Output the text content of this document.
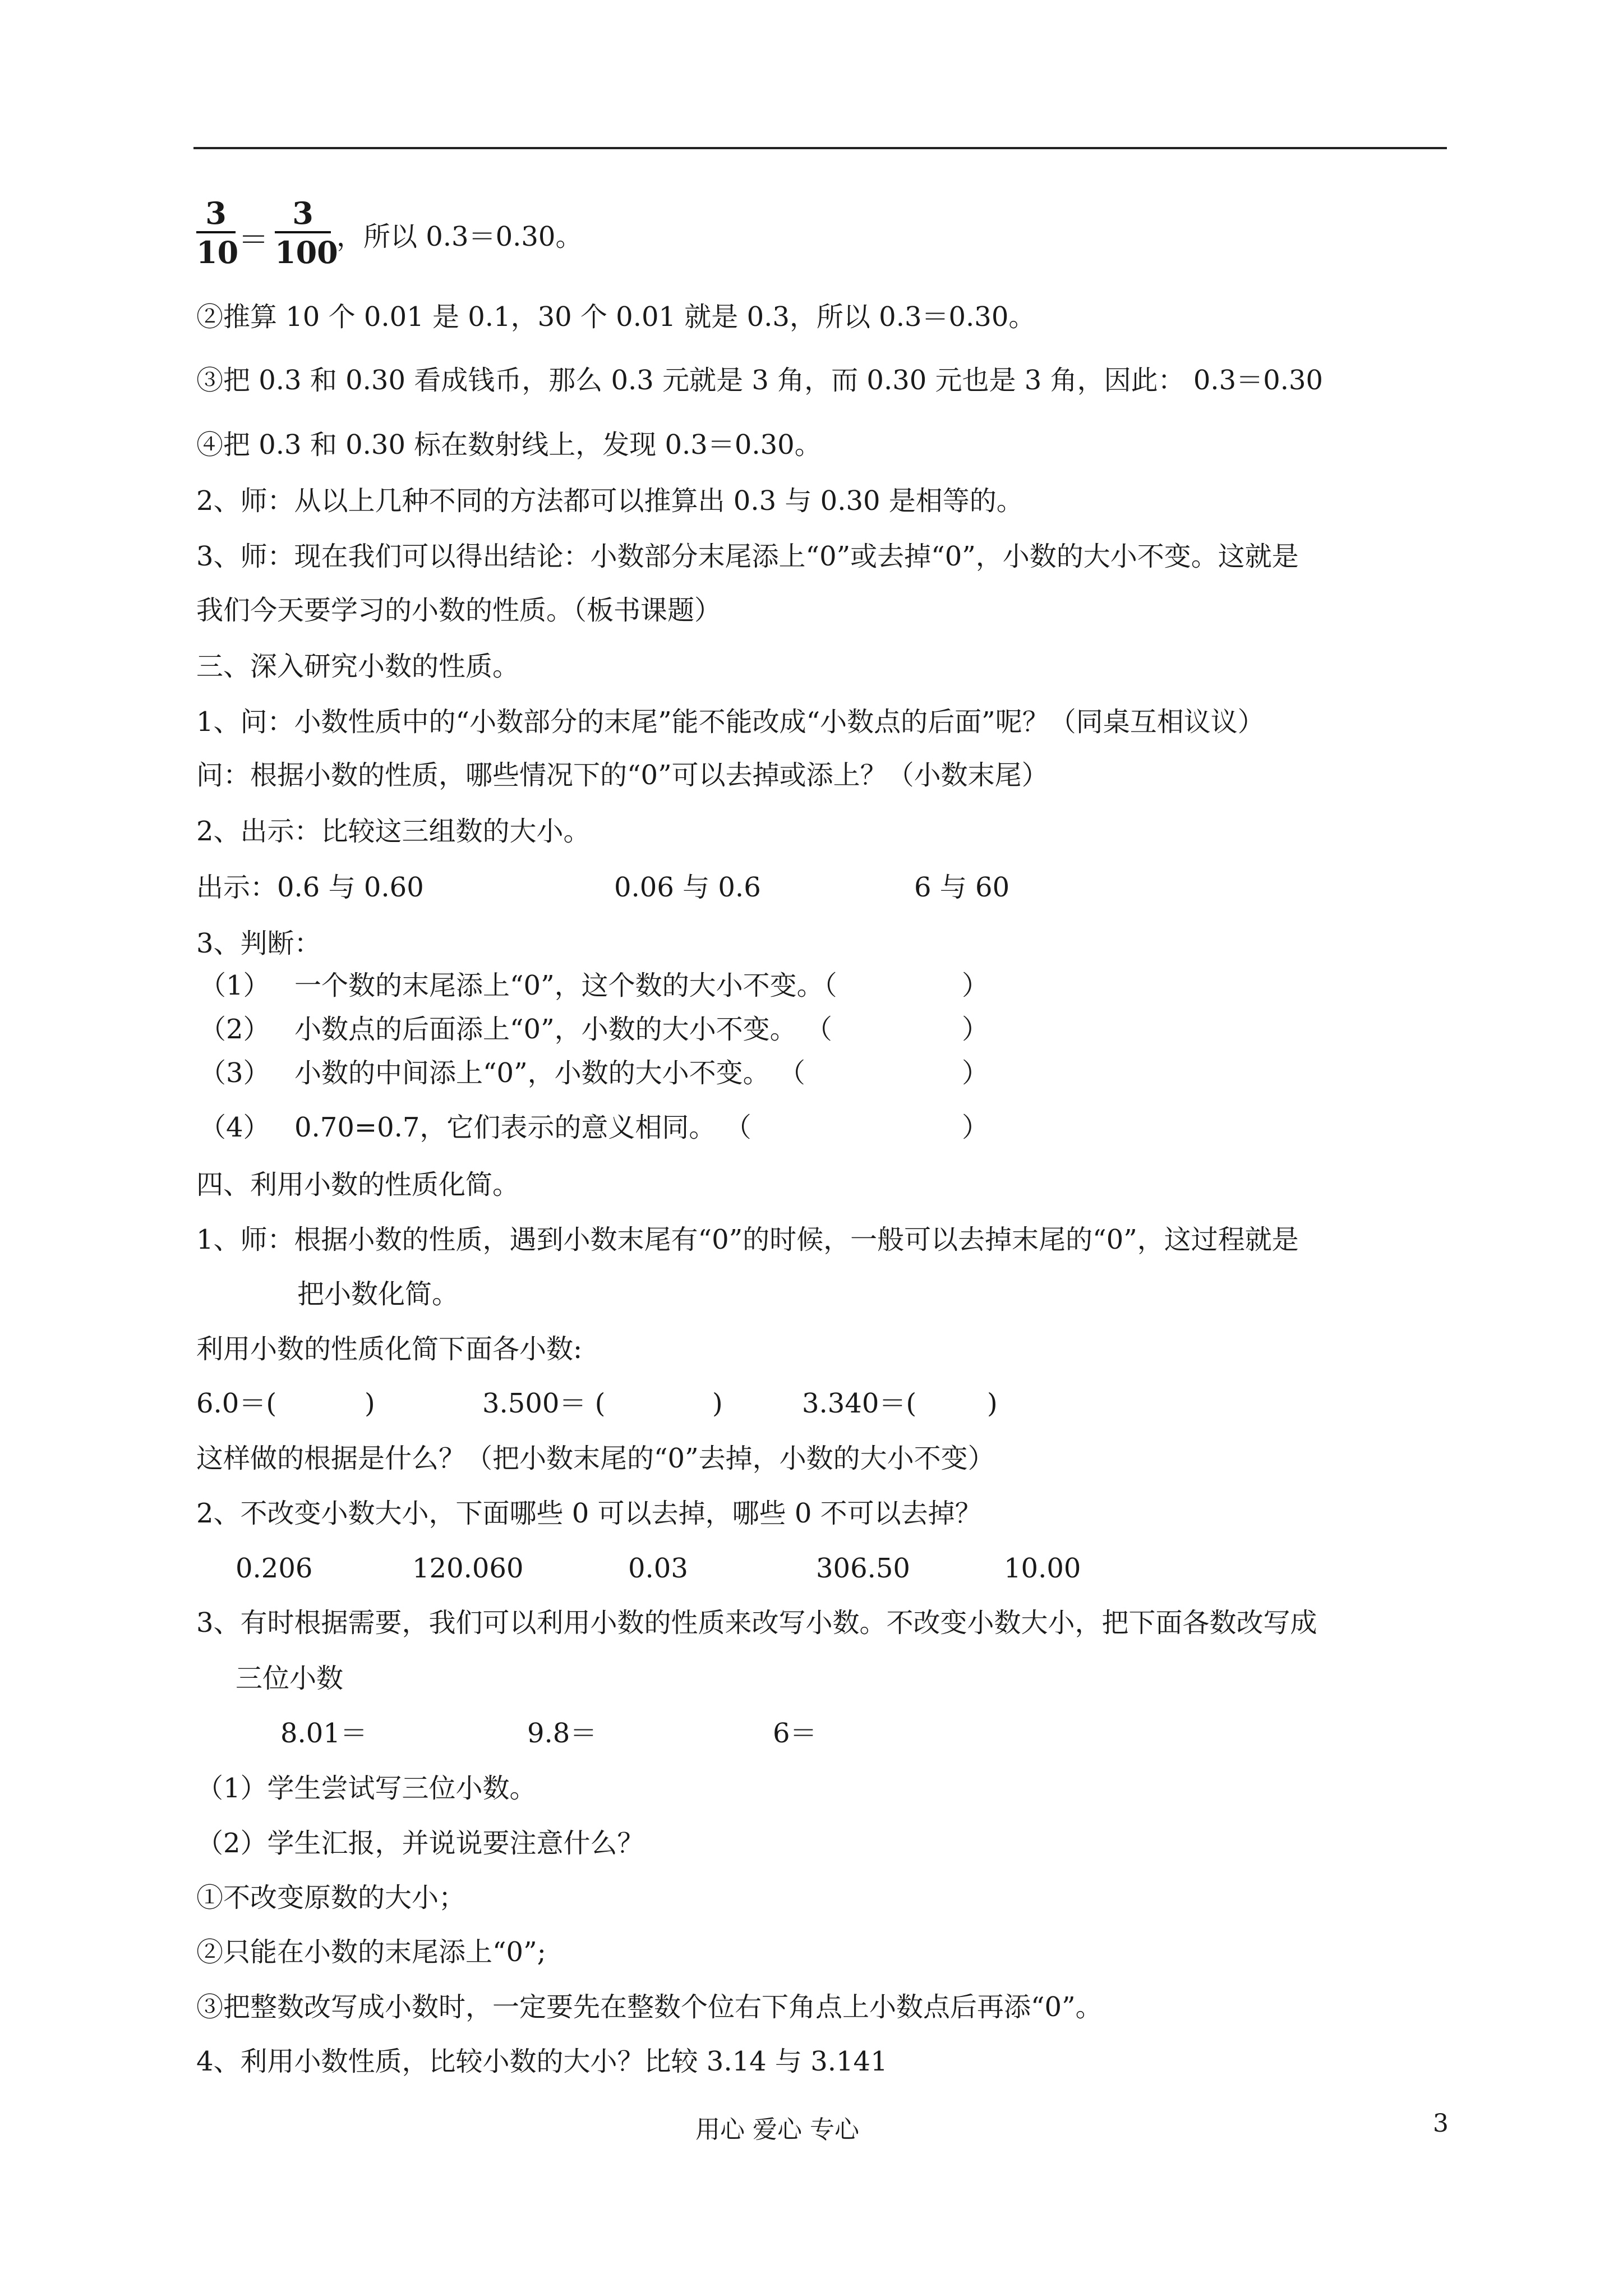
3
10 ＝
3
100
，所以 0.3＝0.30。
②推算 10 个 0.01 是 0.1，30 个 0.01 就是 0.3，所以 0.3＝0.30。
③把 0.3 和 0.30 看成钱币，那么 0.3 元就是 3 角，而 0.30 元也是 3 角，因此： 0.3＝0.30
④把 0.3 和 0.30 标在数射线上，发现 0.3＝0.30。
2、师：从以上几种不同的方法都可以推算出 0.3 与 0.30 是相等的。
3、师：现在我们可以得出结论：小数部分末尾添上“0”或去掉“0”，小数的大小不变。这就是
我们今天要学习的小数的性质。（板书课题）
三、深入研究小数的性质。
1、问：小数性质中的“小数部分的末尾”能不能改成“小数点的后面”呢？（同桌互相议议）
问：根据小数的性质，哪些情况下的“0”可以去掉或添上？（小数末尾）
2、出示：比较这三组数的大小。
出示：0.6 与 0.60	0.06 与 0.6	6 与 60
3、判断：
（1） 一个数的末尾添上“0”，这个数的大小不变。（	）
（2） 小数点的后面添上“0”，小数的大小不变。 （	）
（3） 小数的中间添上“0”，小数的大小不变。 （	）
（4） 0.70=0.7，它们表示的意义相同。 （	）
四、利用小数的性质化简。
1、师：根据小数的性质，遇到小数末尾有“0”的时候，一般可以去掉末尾的“0”，这过程就是
把小数化简。
利用小数的性质化简下面各小数:
6.0＝(	)	3.500＝ (	)	3.340＝(	)
这样做的根据是什么？（把小数末尾的“0”去掉，小数的大小不变）
2、不改变小数大小，下面哪些 0 可以去掉，哪些 0 不可以去掉？
0.206	120.060	0.03	306.50	10.00
3、有时根据需要，我们可以利用小数的性质来改写小数。不改变小数大小，把下面各数改写成
三位小数
8.01＝	9.8＝	6＝
（1）学生尝试写三位小数。
（2）学生汇报，并说说要注意什么？
①不改变原数的大小；
②只能在小数的末尾添上“0”;
③把整数改写成小数时，一定要先在整数个位右下角点上小数点后再添“0”。
4、利用小数性质，比较小数的大小？比较 3.14 与 3.141
用心 爱心 专心	3
